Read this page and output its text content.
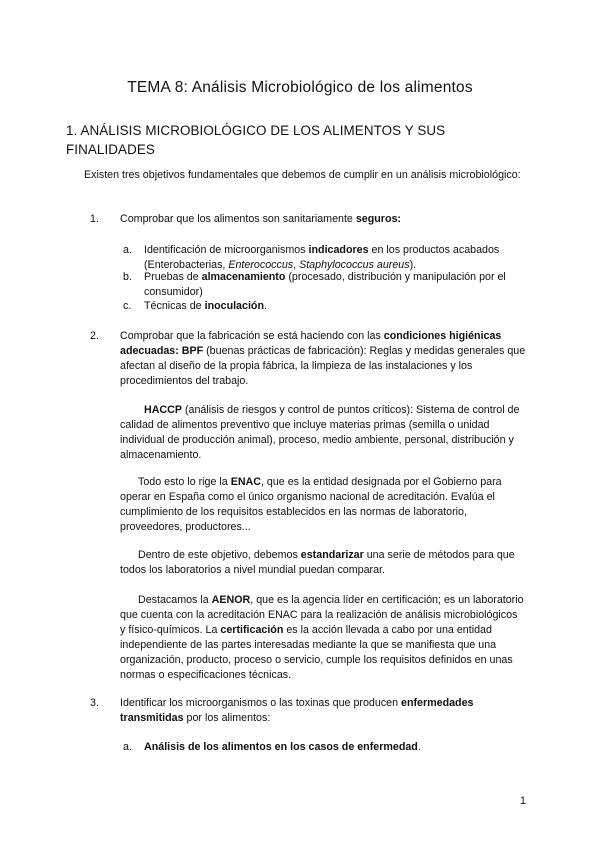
TEMA 8: Análisis Microbiológico de los alimentos
1. ANÁLISIS MICROBIOLÓGICO DE LOS ALIMENTOS Y SUS FINALIDADES
Existen tres objetivos fundamentales que debemos de cumplir en un análisis microbiológico:
1. Comprobar que los alimentos son sanitariamente seguros:
a. Identificación de microorganismos indicadores en los productos acabados (Enterobacterias, Enterococcus, Staphylococcus aureus).
b. Pruebas de almacenamiento (procesado, distribución y manipulación por el consumidor)
c. Técnicas de inoculación.
2. Comprobar que la fabricación se está haciendo con las condiciones higiénicas adecuadas: BPF (buenas prácticas de fabricación): Reglas y medidas generales que afectan al diseño de la propia fábrica, la limpieza de las instalaciones y los procedimientos del trabajo.
HACCP (análisis de riesgos y control de puntos críticos): Sistema de control de calidad de alimentos preventivo que incluye materias primas (semilla o unidad individual de producción animal), proceso, medio ambiente, personal, distribución y almacenamiento.
Todo esto lo rige la ENAC, que es la entidad designada por el Gobierno para operar en España como el único organismo nacional de acreditación. Evalúa el cumplimiento de los requisitos establecidos en las normas de laboratorio, proveedores, productores...
Dentro de este objetivo, debemos estandarizar una serie de métodos para que todos los laboratorios a nivel mundial puedan comparar.
Destacamos la AENOR, que es la agencia líder en certificación; es un laboratorio que cuenta con la acreditación ENAC para la realización de análisis microbiológicos y físico-químicos. La certificación es la acción llevada a cabo por una entidad independiente de las partes interesadas mediante la que se manifiesta que una organización, producto, proceso o servicio, cumple los requisitos definidos en unas normas o especificaciones técnicas.
3. Identificar los microorganismos o las toxinas que producen enfermedades transmitidas por los alimentos:
a. Análisis de los alimentos en los casos de enfermedad.
1
